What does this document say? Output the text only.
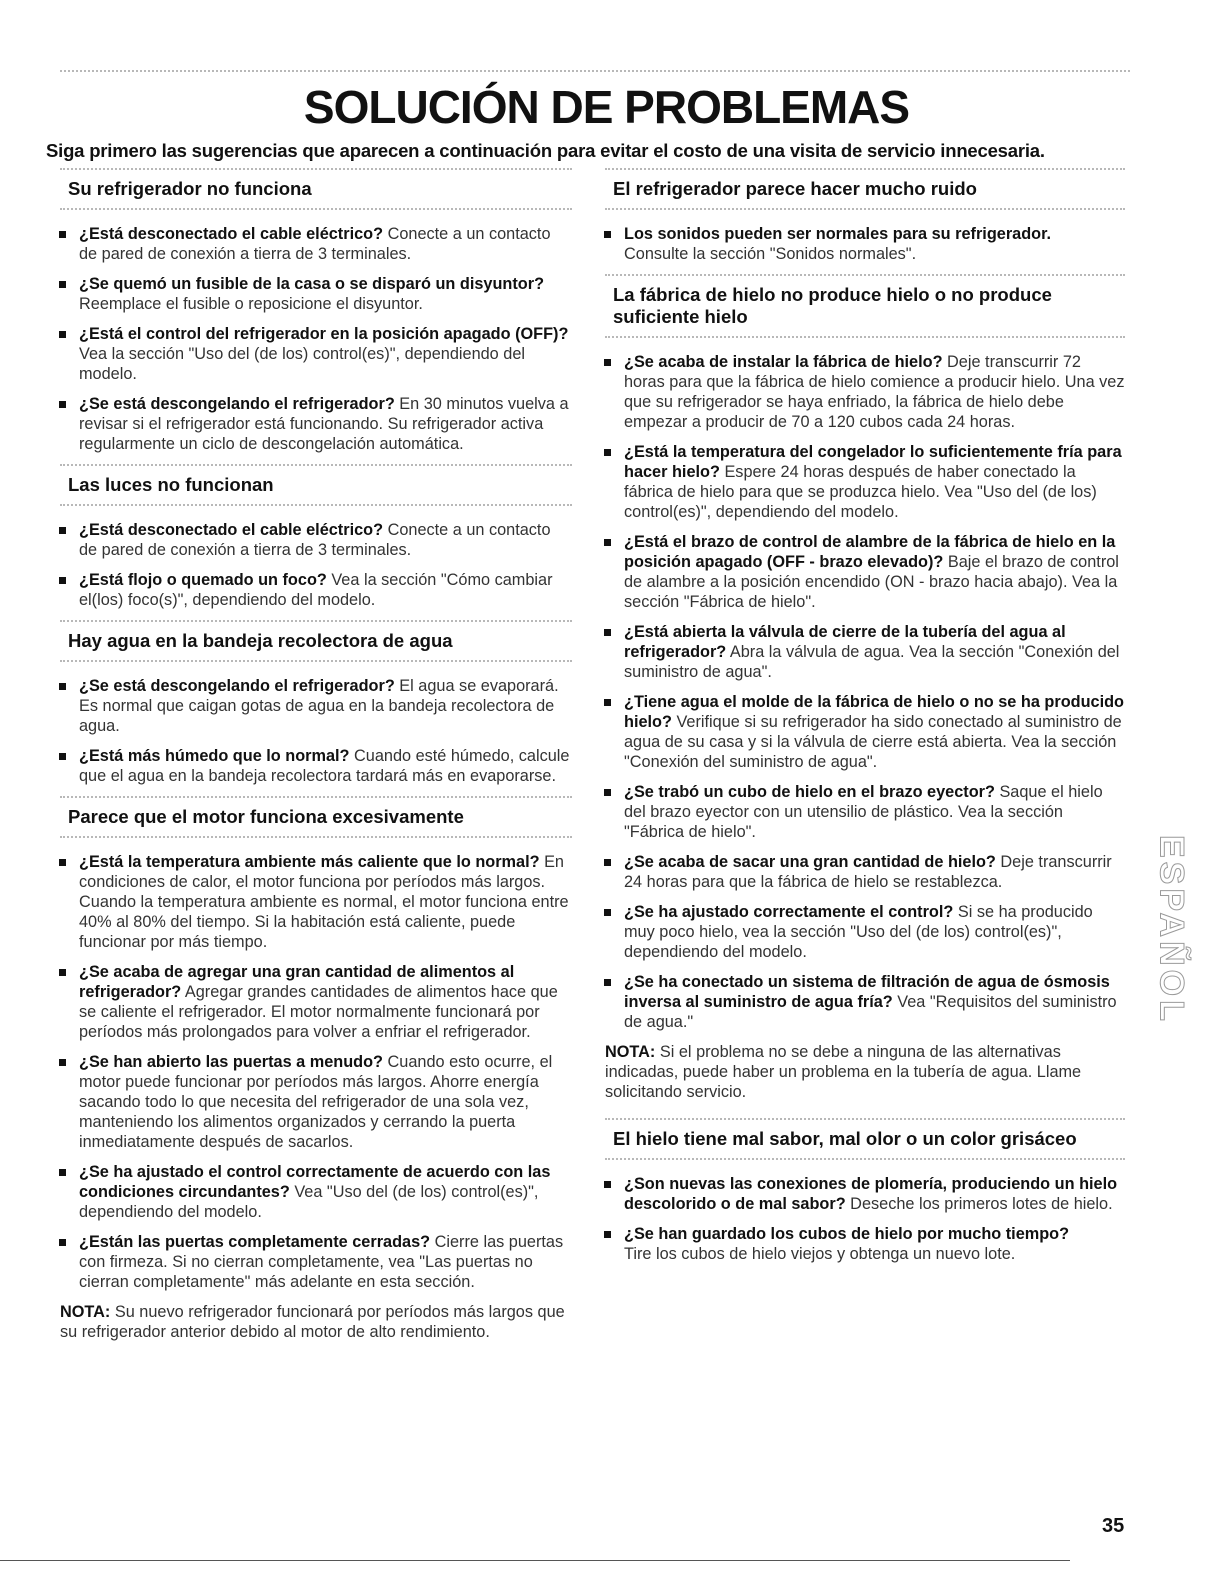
SOLUCIÓN DE PROBLEMAS
Siga primero las sugerencias que aparecen a continuación para evitar el costo de una visita de servicio innecesaria.
Su refrigerador no funciona
¿Está desconectado el cable eléctrico? Conecte a un contacto de pared de conexión a tierra de 3 terminales.
¿Se quemó un fusible de la casa o se disparó un disyuntor? Reemplace el fusible o reposicione el disyuntor.
¿Está el control del refrigerador en la posición apagado (OFF)? Vea la sección "Uso del (de los) control(es)", dependiendo del modelo.
¿Se está descongelando el refrigerador? En 30 minutos vuelva a revisar si el refrigerador está funcionando. Su refrigerador activa regularmente un ciclo de descongelación automática.
Las luces no funcionan
¿Está desconectado el cable eléctrico? Conecte a un contacto de pared de conexión a tierra de 3 terminales.
¿Está flojo o quemado un foco? Vea la sección "Cómo cambiar el(los) foco(s)", dependiendo del modelo.
Hay agua en la bandeja recolectora de agua
¿Se está descongelando el refrigerador? El agua se evaporará. Es normal que caigan gotas de agua en la bandeja recolectora de agua.
¿Está más húmedo que lo normal? Cuando esté húmedo, calcule que el agua en la bandeja recolectora tardará más en evaporarse.
Parece que el motor funciona excesivamente
¿Está la temperatura ambiente más caliente que lo normal? En condiciones de calor, el motor funciona por períodos más largos. Cuando la temperatura ambiente es normal, el motor funciona entre 40% al 80% del tiempo. Si la habitación está caliente, puede funcionar por más tiempo.
¿Se acaba de agregar una gran cantidad de alimentos al refrigerador? Agregar grandes cantidades de alimentos hace que se caliente el refrigerador. El motor normalmente funcionará por períodos más prolongados para volver a enfriar el refrigerador.
¿Se han abierto las puertas a menudo? Cuando esto ocurre, el motor puede funcionar por períodos más largos. Ahorre energía sacando todo lo que necesita del refrigerador de una sola vez, manteniendo los alimentos organizados y cerrando la puerta inmediatamente después de sacarlos.
¿Se ha ajustado el control correctamente de acuerdo con las condiciones circundantes? Vea "Uso del (de los) control(es)", dependiendo del modelo.
¿Están las puertas completamente cerradas? Cierre las puertas con firmeza. Si no cierran completamente, vea "Las puertas no cierran completamente" más adelante en esta sección.
NOTA: Su nuevo refrigerador funcionará por períodos más largos que su refrigerador anterior debido al motor de alto rendimiento.
El refrigerador parece hacer mucho ruido
Los sonidos pueden ser normales para su refrigerador.
Consulte la sección "Sonidos normales".
La fábrica de hielo no produce hielo o no produce suficiente hielo
¿Se acaba de instalar la fábrica de hielo? Deje transcurrir 72 horas para que la fábrica de hielo comience a producir hielo. Una vez que su refrigerador se haya enfriado, la fábrica de hielo debe empezar a producir de 70 a 120 cubos cada 24 horas.
¿Está la temperatura del congelador lo suficientemente fría para hacer hielo? Espere 24 horas después de haber conectado la fábrica de hielo para que se produzca hielo. Vea "Uso del (de los) control(es)", dependiendo del modelo.
¿Está el brazo de control de alambre de la fábrica de hielo en la posición apagado (OFF - brazo elevado)? Baje el brazo de control de alambre a la posición encendido (ON - brazo hacia abajo). Vea la sección "Fábrica de hielo".
¿Está abierta la válvula de cierre de la tubería del agua al refrigerador? Abra la válvula de agua. Vea la sección "Conexión del suministro de agua".
¿Tiene agua el molde de la fábrica de hielo o no se ha producido hielo? Verifique si su refrigerador ha sido conectado al suministro de agua de su casa y si la válvula de cierre está abierta. Vea la sección "Conexión del suministro de agua".
¿Se trabó un cubo de hielo en el brazo eyector? Saque el hielo del brazo eyector con un utensilio de plástico. Vea la sección "Fábrica de hielo".
¿Se acaba de sacar una gran cantidad de hielo? Deje transcurrir 24 horas para que la fábrica de hielo se restablezca.
¿Se ha ajustado correctamente el control? Si se ha producido muy poco hielo, vea la sección "Uso del (de los) control(es)", dependiendo del modelo.
¿Se ha conectado un sistema de filtración de agua de ósmosis inversa al suministro de agua fría? Vea "Requisitos del suministro de agua."
NOTA: Si el problema no se debe a ninguna de las alternativas indicadas, puede haber un problema en la tubería de agua. Llame solicitando servicio.
El hielo tiene mal sabor, mal olor o un color grisáceo
¿Son nuevas las conexiones de plomería, produciendo un hielo descolorido o de mal sabor? Deseche los primeros lotes de hielo.
¿Se han guardado los cubos de hielo por mucho tiempo?
Tire los cubos de hielo viejos y obtenga un nuevo lote.
ESPAÑOL
35
